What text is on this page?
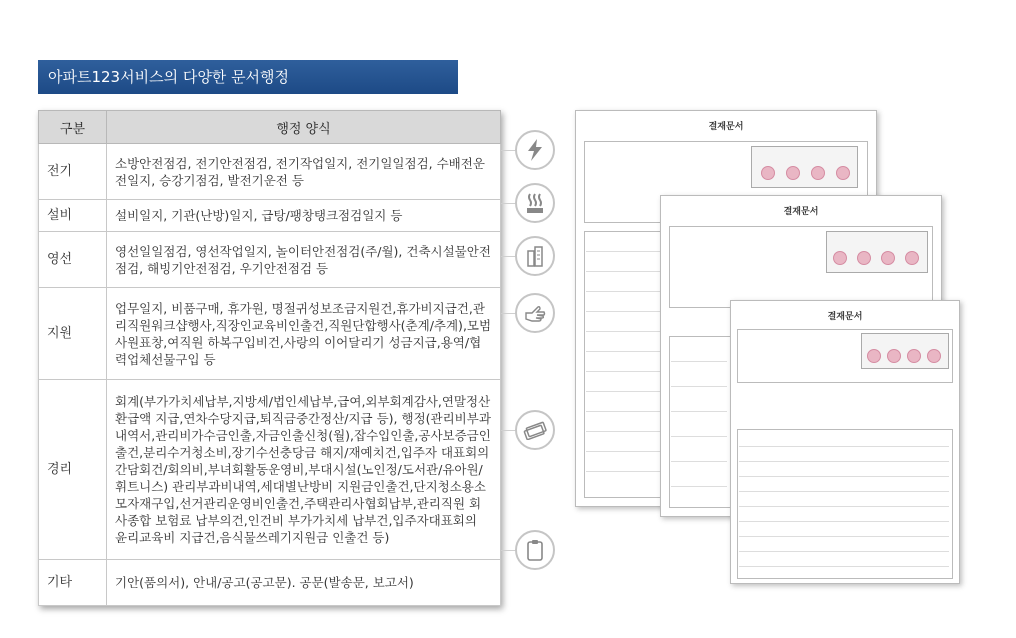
아파트123서비스의 다양한 문서행정
구분	행정 양식
전기	소방안전점검, 전기안전점검, 전기작업일지, 전기일일점검, 수배전운전일지, 승강기점검, 발전기운전 등
설비	설비일지, 기관(난방)일지, 급탕/팽창탱크점검일지 등
영선	영선일일점검, 영선작업일지, 놀이터안전점검(주/월), 건축시설물안전점검, 해빙기안전점검, 우기안전점검 등
지원	업무일지, 비품구매, 휴가원, 명절귀성보조금지원건,휴가비지급건,관리직원워크샵행사,직장인교육비인출건,직원단합행사(춘계/추계),모범사원표창,여직원 하복구입비건,사랑의 이어달리기 성금지급,용역/협력업체선물구입 등
경리	회계(부가가치세납부,지방세/법인세납부,급여,외부회계감사,연말정산환급액 지급,연차수당지급,퇴직금중간정산/지급 등), 행정(관리비부과내역서,관리비가수금인출,자금인출신청(월),잡수입인출,공사보증금인출건,분리수거청소비,장기수선충당금 해지/재예치건,입주자 대표회의 간담회건/회의비,부녀회활동운영비,부대시설(노인정/도서관/유아원/휘트니스) 관리부과비내역,세대별난방비 지원금인출건,단지청소용소모자재구입,선거관리운영비인출건,주택관리사협회납부,관리직원 회사종합 보험료 납부의건,인건비 부가가치세 납부건,입주자대표회의 윤리교육비 지급건,음식물쓰레기지원금 인출건 등)
기타	기안(품의서), 안내/공고(공고문). 공문(발송문, 보고서)
결재문서
결재문서
결재문서
